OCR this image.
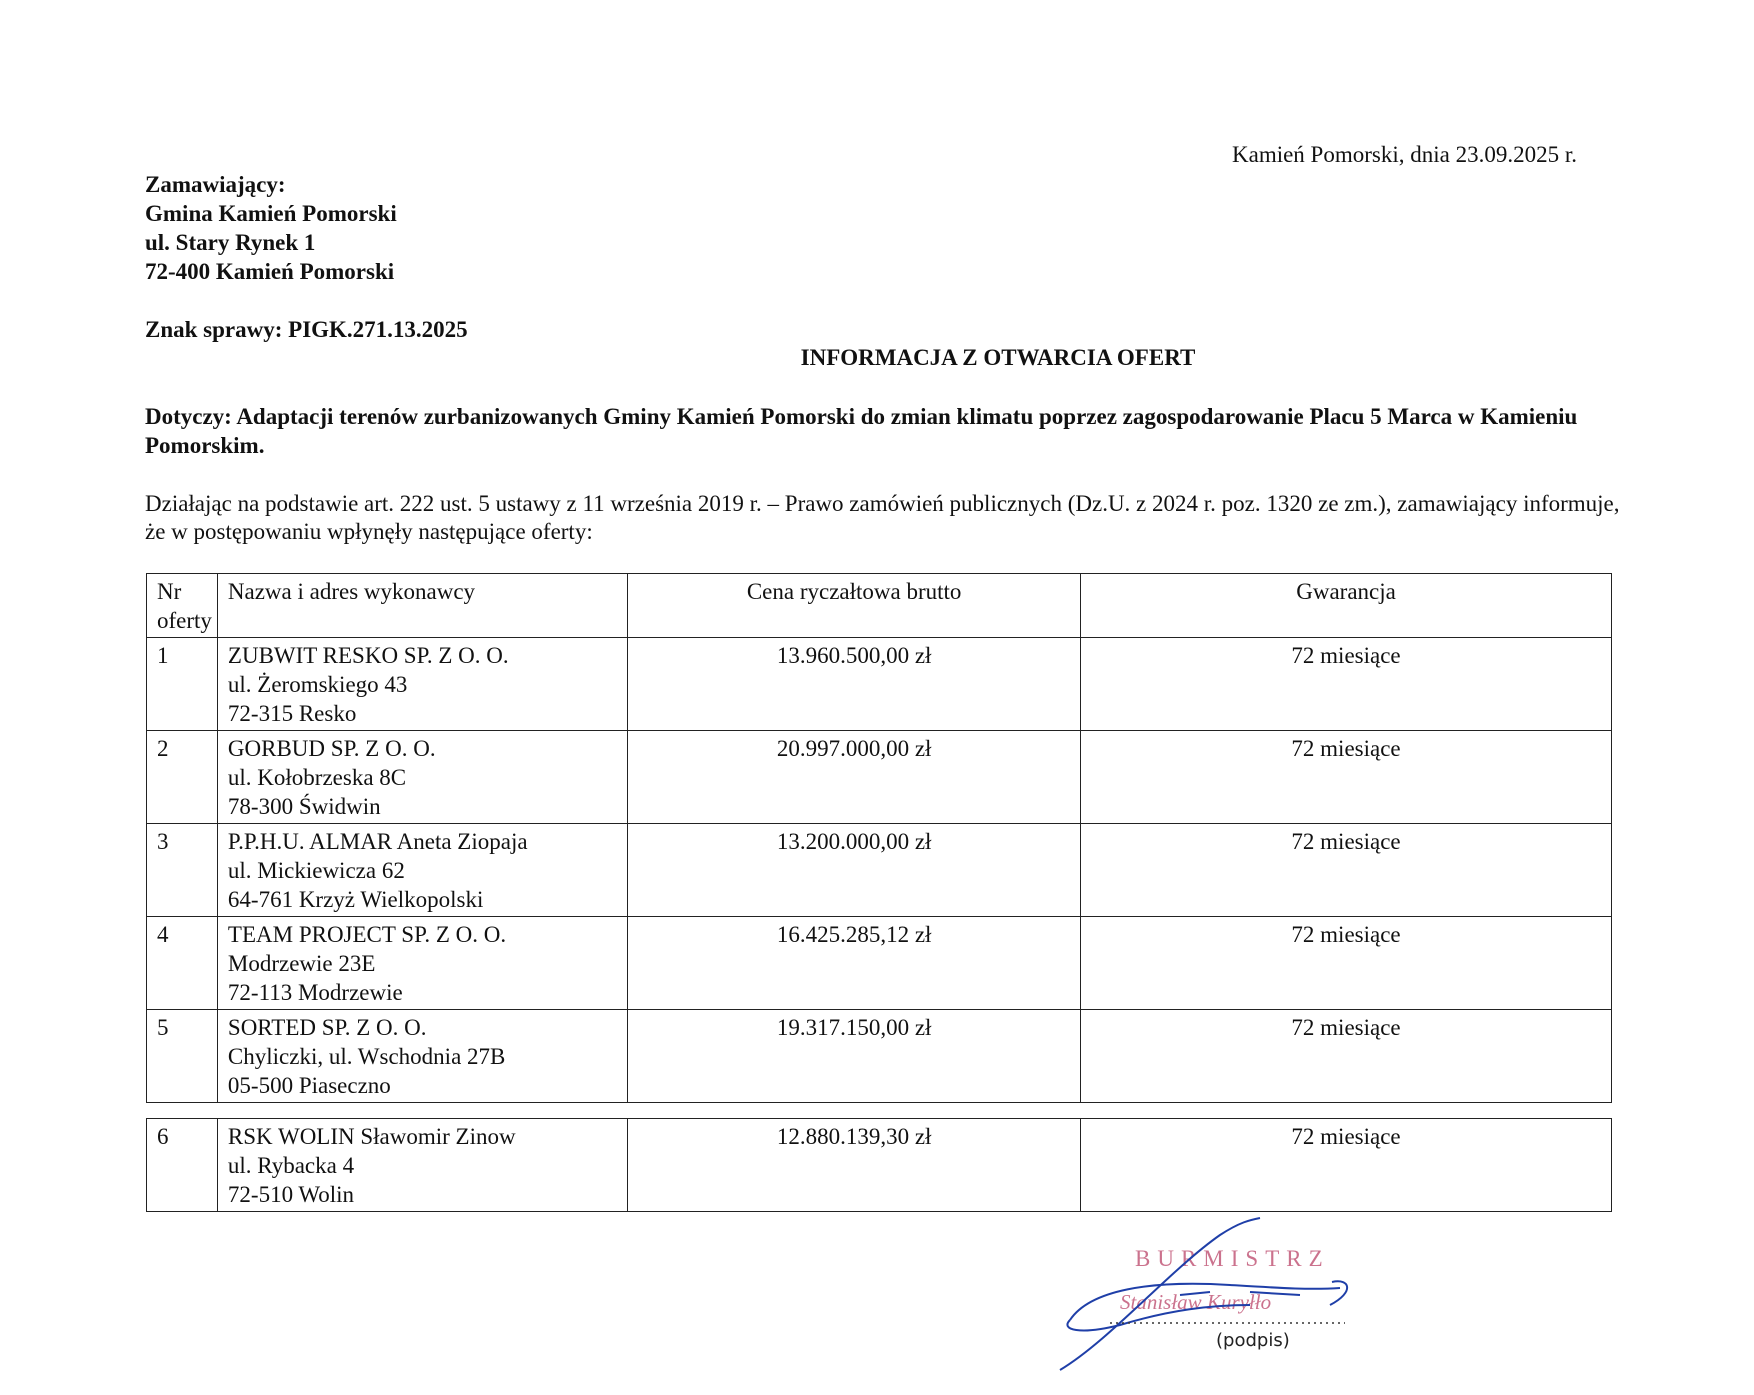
Kamień Pomorski, dnia 23.09.2025 r.
Zamawiający:
Gmina Kamień Pomorski
ul. Stary Rynek 1
72-400 Kamień Pomorski
Znak sprawy: PIGK.271.13.2025
INFORMACJA Z OTWARCIA OFERT
Dotyczy: Adaptacji terenów zurbanizowanych Gminy Kamień Pomorski do zmian klimatu poprzez zagospodarowanie Placu 5 Marca w Kamieniu Pomorskim.
Działając na podstawie art. 222 ust. 5 ustawy z 11 września 2019 r. – Prawo zamówień publicznych (Dz.U. z 2024 r. poz. 1320 ze zm.), zamawiający informuje, że w postępowaniu wpłynęły następujące oferty:
Nr oferty	Nazwa i adres wykonawcy	Cena ryczałtowa brutto	Gwarancja
1	ZUBWIT RESKO SP. Z O. O.
ul. Żeromskiego 43
72-315 Resko	13.960.500,00 zł	72 miesiące
2	GORBUD SP. Z O. O.
ul. Kołobrzeska 8C
78-300 Świdwin	20.997.000,00 zł	72 miesiące
3	P.P.H.U. ALMAR Aneta Ziopaja
ul. Mickiewicza 62
64-761 Krzyż Wielkopolski	13.200.000,00 zł	72 miesiące
4	TEAM PROJECT SP. Z O. O.
Modrzewie 23E
72-113 Modrzewie	16.425.285,12 zł	72 miesiące
5	SORTED SP. Z O. O.
Chyliczki, ul. Wschodnia 27B
05-500 Piaseczno	19.317.150,00 zł	72 miesiące
6	RSK WOLIN Sławomir Zinow
ul. Rybacka 4
72-510 Wolin
	12.880.139,30 zł	72 miesiące
BURMISTRZ
Stanisław Kuryłło
(podpis)
